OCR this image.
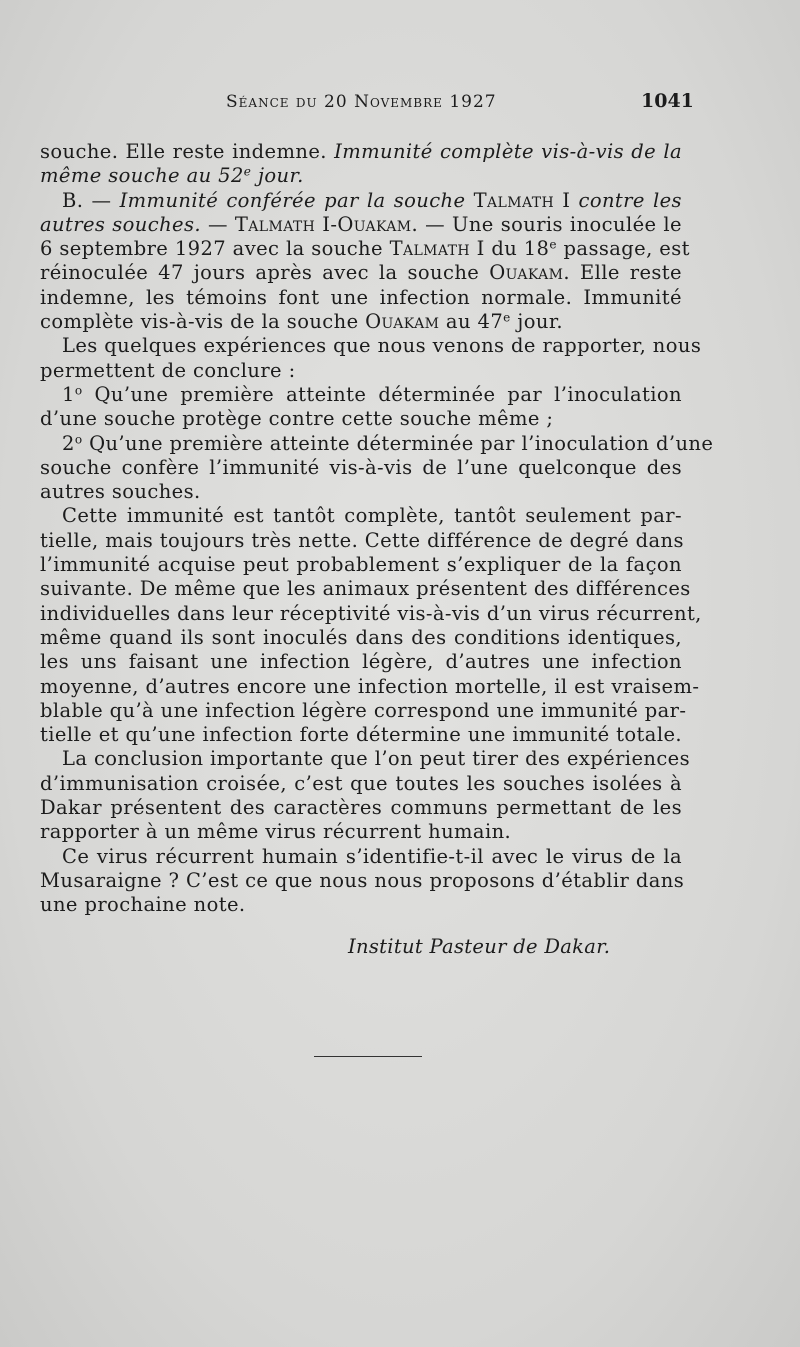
Séance du 20 Novembre 1927	1041
souche. Elle reste indemne. Immunité complète vis-à-vis de la
même souche au 52e jour.
B. — Immunité conférée par la souche Talmath I contre les
autres souches. — Talmath I-Ouakam. — Une souris inoculée le
6 septembre 1927 avec la souche Talmath I du 18e passage, est
réinoculée 47 jours après avec la souche Ouakam. Elle reste
indemne, les témoins font une infection normale. Immunité
complète vis-à-vis de la souche Ouakam au 47e jour.
Les quelques expériences que nous venons de rapporter, nous
permettent de conclure :
1$^o$ Qu’une première atteinte déterminée par l’inoculation
d’une souche protège contre cette souche même ;
2$^o$ Qu’une première atteinte déterminée par l’inoculation d’une
souche confère l’immunité vis-à-vis de l’une quelconque des
autres souches.
Cette immunité est tantôt complète, tantôt seulement par-
tielle, mais toujours très nette. Cette différence de degré dans
l’immunité acquise peut probablement s’expliquer de la façon
suivante. De même que les animaux présentent des différences
individuelles dans leur réceptivité vis-à-vis d’un virus récurrent,
même quand ils sont inoculés dans des conditions identiques,
les uns faisant une infection légère, d’autres une infection
moyenne, d’autres encore une infection mortelle, il est vraisem-
blable qu’à une infection légère correspond une immunité par-
tielle et qu’une infection forte détermine une immunité totale.
La conclusion importante que l’on peut tirer des expériences
d’immunisation croisée, c’est que toutes les souches isolées à
Dakar présentent des caractères communs permettant de les
rapporter à un même virus récurrent humain.
Ce virus récurrent humain s’identifie-t-il avec le virus de la
Musaraigne ? C’est ce que nous nous proposons d’établir dans
une prochaine note.
Institut Pasteur de Dakar.
